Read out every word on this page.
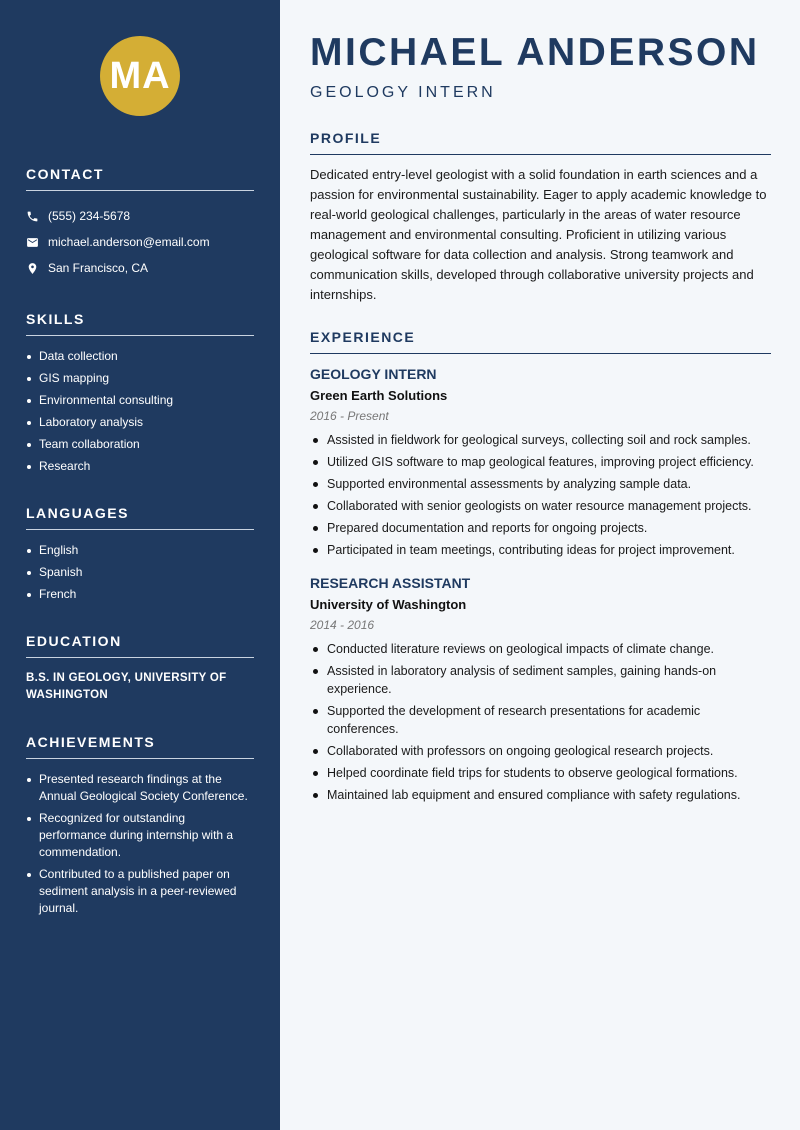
MA
CONTACT
(555) 234-5678
michael.anderson@email.com
San Francisco, CA
SKILLS
Data collection
GIS mapping
Environmental consulting
Laboratory analysis
Team collaboration
Research
LANGUAGES
English
Spanish
French
EDUCATION
B.S. IN GEOLOGY, UNIVERSITY OF WASHINGTON
ACHIEVEMENTS
Presented research findings at the Annual Geological Society Conference.
Recognized for outstanding performance during internship with a commendation.
Contributed to a published paper on sediment analysis in a peer-reviewed journal.
MICHAEL ANDERSON
GEOLOGY INTERN
PROFILE

Dedicated entry-level geologist with a solid foundation in earth sciences and a passion for environmental sustainability. Eager to apply academic knowledge to real-world geological challenges, particularly in the areas of water resource management and environmental consulting. Proficient in utilizing various geological software for data collection and analysis. Strong teamwork and communication skills, developed through collaborative university projects and internships.

EXPERIENCE
GEOLOGY INTERN
Green Earth Solutions
2016 - Present
Assisted in fieldwork for geological surveys, collecting soil and rock samples.
Utilized GIS software to map geological features, improving project efficiency.
Supported environmental assessments by analyzing sample data.
Collaborated with senior geologists on water resource management projects.
Prepared documentation and reports for ongoing projects.
Participated in team meetings, contributing ideas for project improvement.
RESEARCH ASSISTANT
University of Washington
2014 - 2016
Conducted literature reviews on geological impacts of climate change.
Assisted in laboratory analysis of sediment samples, gaining hands-on experience.
Supported the development of research presentations for academic conferences.
Collaborated with professors on ongoing geological research projects.
Helped coordinate field trips for students to observe geological formations.
Maintained lab equipment and ensured compliance with safety regulations.
